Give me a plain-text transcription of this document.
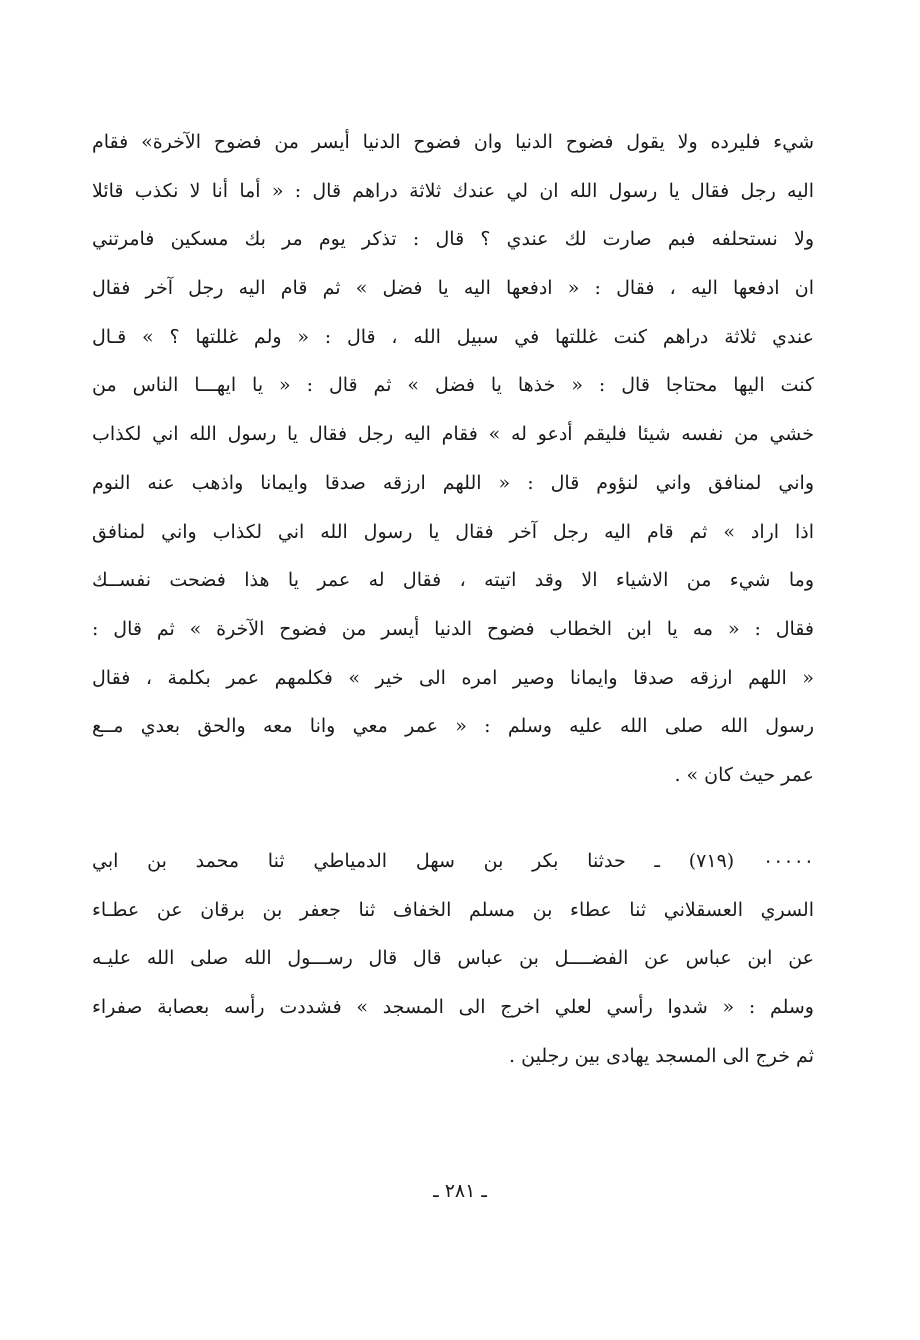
شيء فليرده ولا يقول فضوح الدنيا وان فضوح الدنيا أيسر من فضوح الآخرة» فقام
اليه رجل فقال يا رسول الله ان لي عندك ثلاثة دراهم قال : « أما أنا لا نكذب قائلا
ولا نستحلفه فبم صارت لك عندي ؟ قال : تذكر يوم مر بك مسكين فامرتني
ان ادفعها اليه ، فقال : « ادفعها اليه يا فضل » ثم قام اليه رجل آخر فقال
عندي ثلاثة دراهم كنت غللتها في سبيل الله ، قال : « ولم غللتها ؟ » قـال
كنت اليها محتاجا قال : « خذها يا فضل » ثم قال : « يا ايهـــا الناس من
خشي من نفسه شيئا فليقم أدعو له » فقام اليه رجل فقال يا رسول الله اني لكذاب
واني لمنافق واني لنؤوم قال : « اللهم ارزقه صدقا وايمانا واذهب عنه النوم
اذا اراد » ثم قام اليه رجل آخر فقال يا رسول الله اني لكذاب واني لمنافق
وما شيء من الاشياء الا وقد اتيته ، فقال له عمر يا هذا فضحت نفســك
فقال : « مه يا ابن الخطاب فضوح الدنيا أيسر من فضوح الآخرة » ثم قال :
« اللهم ارزقه صدقا وايمانا وصير امره الى خير » فكلمهم عمر بكلمة ، فقال
رسول الله صلى الله عليه وسلم : « عمر معي وانا معه والحق بعدي مــع
عمر حيث كان » .
٠٠٠٠٠ (٧١٩) ـ حدثنا بكر بن سهل الدمياطي ثنا محمد بن ابي
السري العسقلاني ثنا عطاء بن مسلم الخفاف ثنا جعفر بن برقان عن عطـاء
عن ابن عباس عن الفضــــل بن عباس قال قال رســـول الله صلى الله عليـه
وسلم : « شدوا رأسي لعلي اخرج الى المسجد » فشددت رأسه بعصابة صفراء
ثم خرج الى المسجد يهادى بين رجلين .
ـ ٢٨١ ـ
